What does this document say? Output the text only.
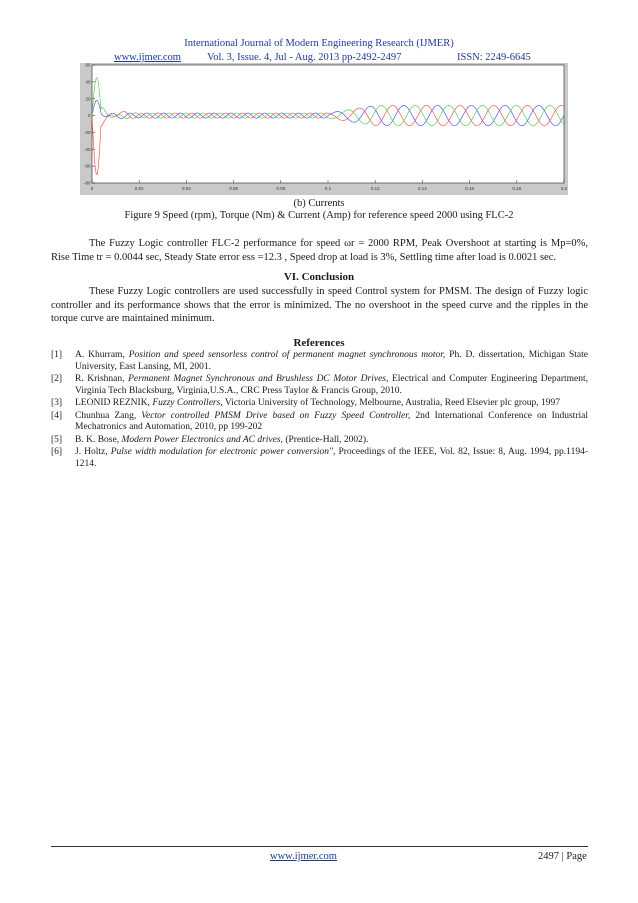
International Journal of Modern Engineering Research (IJMER)
www.ijmer.com Vol. 3, Issue. 4, Jul - Aug. 2013 pp-2492-2497	ISSN: 2249-6645
0	0.02	0.04	0.06	0.08	0.1	0.12	0.14	0.16	0.18	0.2
60
40
20
0
-20
-40
-60
-80
(b) Currents
Figure 9 Speed (rpm), Torque (Nm) & Current (Amp) for reference speed 2000 using FLC-2

The Fuzzy Logic controller FLC-2 performance for speed ωr = 2000 RPM, Peak Overshoot at starting is Mp=0%, Rise Time tr = 0.0044 sec, Steady State error ess =12.3 , Speed drop at load is 3%, Settling time after load is 0.0021 sec.

VI. Conclusion

These Fuzzy Logic controllers are used successfully in speed Control system for PMSM. The design of Fuzzy logic controller and its performance shows that the error is minimized. The no overshoot in the speed curve and the ripples in the torque curve are maintained minimum.

References
[1]	A. Khurram, Position and speed sensorless control of permanent magnet synchronous motor, Ph. D. dissertation, Michigan State University, East Lansing, MI, 2001.
[2]	R. Krishnan, Permanent Magnet Synchronous and Brushless DC Motor Drives, Electrical and Computer Engineering Department, Virginia Tech Blacksburg, Virginia,U.S.A., CRC Press Taylor & Francis Group, 2010.
[3]	LEONID REZNIK, Fuzzy Controllers, Victoria University of Technology, Melbourne, Australia, Reed Elsevier plc group, 1997
[4]	Chunhua Zang, Vector controlled PMSM Drive based on Fuzzy Speed Controller, 2nd International Conference on Industrial Mechatronics and Automation, 2010, pp 199-202
[5]	B. K. Bose, Modern Power Electronics and AC drives, (Prentice-Hall, 2002).
[6]	J. Holtz, Pulse width modulation for electronic power conversion", Proceedings of the IEEE, Vol. 82, Issue: 8, Aug. 1994, pp.1194-1214.
www.ijmer.com	2497 | Page
